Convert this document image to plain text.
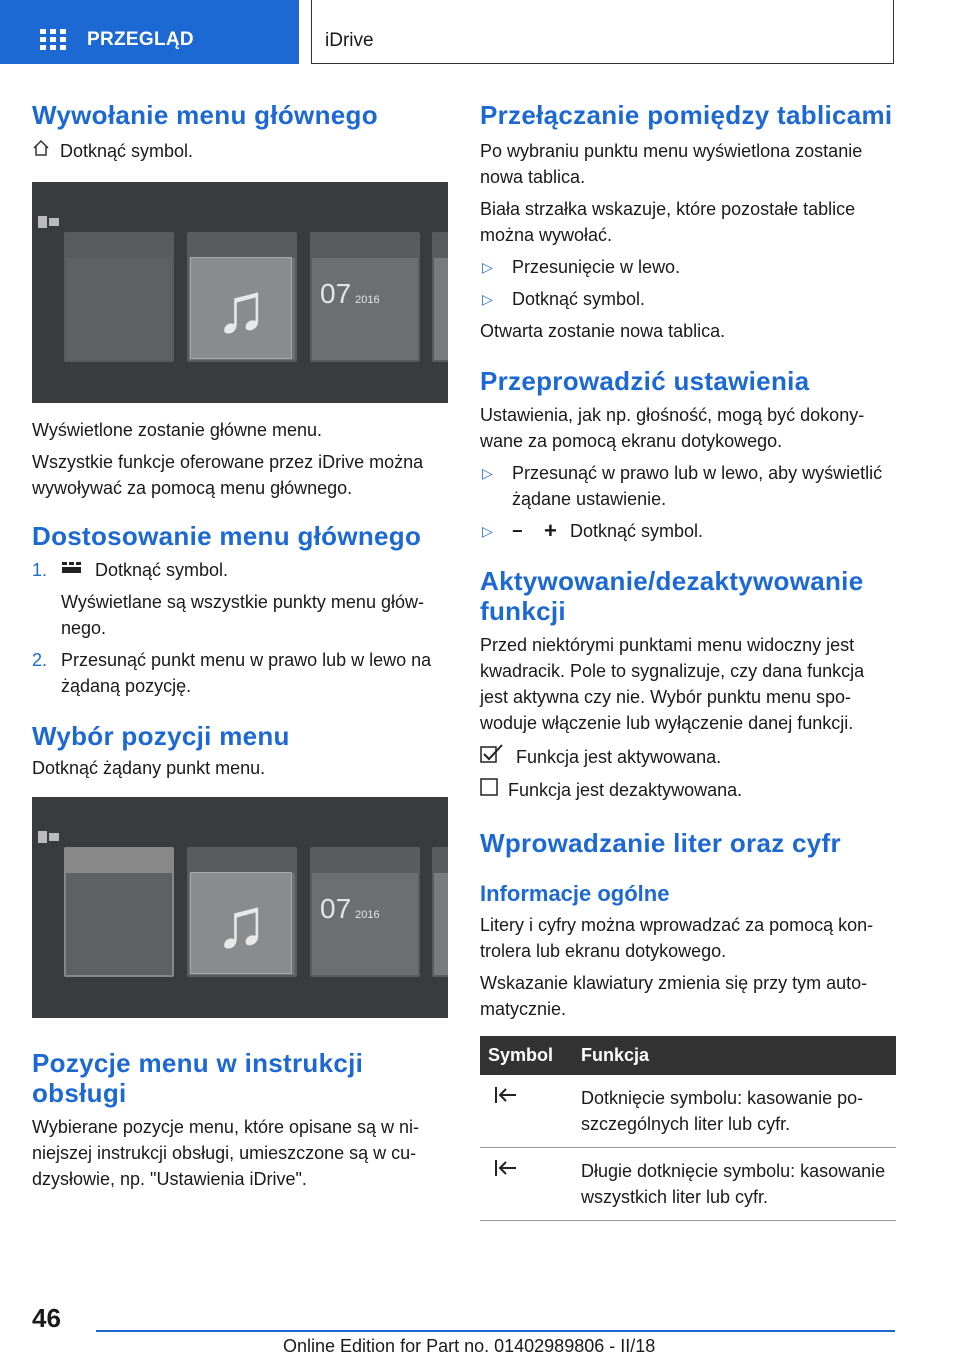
PRZEGLĄD	iDrive
Wywołanie menu głównego
Dotknąć symbol.
♫	07 2016

Wyświetlone zostanie główne menu.

Wszystkie funkcje oferowane przez iDrive można wywoływać za pomocą menu głównego.

Dostosowanie menu głównego
1.	Dotknąć symbol.
Wyświetlane są wszystkie punkty menu głównego.
2. Przesunąć punkt menu w prawo lub w lewo na żądaną pozycję.
Wybór pozycji menu

Dotknąć żądany punkt menu.

♫	07 2016
Pozycje menu w instrukcji obsługi

Wybierane pozycje menu, które opisane są w niniejszej instrukcji obsługi, umieszczone są w cudzysłowie, np. "Ustawienia iDrive".

Przełączanie pomiędzy tablicami

Po wybraniu punktu menu wyświetlona zostanie nowa tablica.

Biała strzałka wskazuje, które pozostałe tablice można wywołać.

▷	Przesunięcie w lewo.
▷	Dotknąć symbol.

Otwarta zostanie nowa tablica.

Przeprowadzić ustawienia

Ustawienia, jak np. głośność, mogą być dokonywane za pomocą ekranu dotykowego.

▷	Przesunąć w prawo lub w lewo, aby wyświetlić żądane ustawienie.
▷	− + Dotknąć symbol.
Aktywowanie/dezaktywowanie funkcji

Przed niektórymi punktami menu widoczny jest kwadracik. Pole to sygnalizuje, czy dana funkcja jest aktywna czy nie. Wybór punktu menu spowoduje włączenie lub wyłączenie danej funkcji.

Funkcja jest aktywowana.
Funkcja jest dezaktywowana.
Wprowadzanie liter oraz cyfr
Informacje ogólne

Litery i cyfry można wprowadzać za pomocą kontrolera lub ekranu dotykowego.

Wskazanie klawiatury zmienia się przy tym automatycznie.

Symbol	Funkcja
	Dotknięcie symbolu: kasowanie poszczególnych liter lub cyfr.
	Długie dotknięcie symbolu: kasowanie wszystkich liter lub cyfr.
46
Online Edition for Part no. 01402989806 - II/18
